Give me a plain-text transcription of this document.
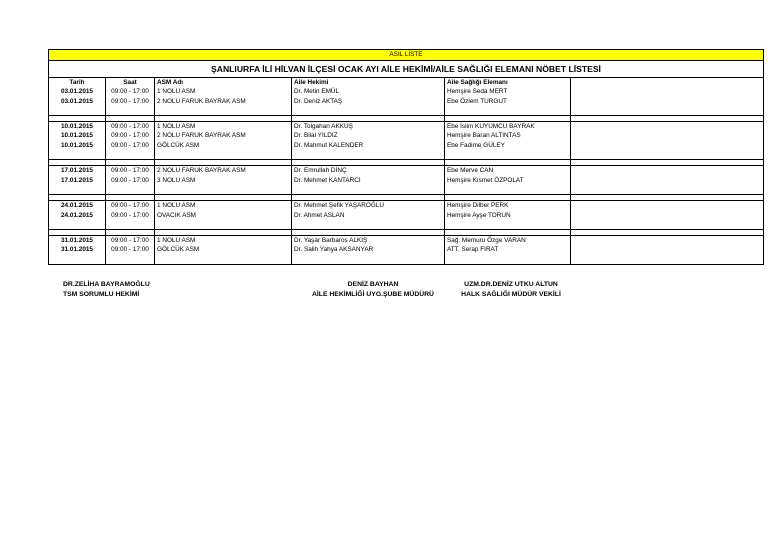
ASIL LİSTE					
ŞANLIURFA İLİ HİLVAN İLÇESİ OCAK AYI AİLE HEKİMİ/AİLE SAĞLIĞI ELEMANI NÖBET LİSTESİ					
Tarih	Saat	ASM Adı	Aile Hekimi	Aile Sağlığı Elemanı	
03.01.2015	09:00 - 17:00	1 NOLU ASM	Dr. Metin EMÜL	Hemşire Seda MERT	
03.01.2015	09:00 - 17:00	2 NOLU FARUK BAYRAK ASM	Dr. Deniz AKTAŞ	Ebe Özlem TURGUT	

10.01.2015	09:00 - 17:00	1 NOLU ASM	Dr. Tolgahan AKKUŞ	Ebe İslim KUYUMCU BAYRAK	
10.01.2015	09:00 - 17:00	2 NOLU FARUK BAYRAK ASM	Dr. Bilal YILDIZ	Hemşire Baran ALTINTAS	
10.01.2015	09:00 - 17:00	GÖLCÜK ASM	Dr. Mahmut KALENDER	Ebe Fadime GÜLEY	

17.01.2015	09:00 - 17:00	2 NOLU FARUK BAYRAK ASM	Dr. Emrullah DİNÇ	Ebe Merve CAN	
17.01.2015	09:00 - 17:00	3 NOLU ASM	Dr. Mehmet KANTARCI	Hemşire Kısmet ÖZPOLAT	

24.01.2015	09:00 - 17:00	1 NOLU ASM	Dr. Mehmet Şefik YAŞAROĞLU	Hemşire Dilber PERK	
24.01.2015	09:00 - 17:00	OVACIK ASM	Dr. Ahmet ASLAN	Hemşire Ayşe TORUN	

31.01.2015	09:00 - 17:00	1 NOLU ASM	Dr. Yaşar Barbaros ALKIŞ	Sağ. Memuru Özge VARAN	
31.01.2015	09:00 - 17:00	GÖLCÜK ASM	Dr. Salih Yahya AKSANYAR	ATT. Serap FIRAT	

DR.ZELİHA BAYRAMOĞLU
TSM SORUMLU HEKİMİ
DENİZ BAYHAN
AİLE HEKİMLİĞİ UYG.ŞUBE MÜDÜRÜ
UZM.DR.DENİZ UTKU ALTUN
HALK SAĞLIĞI MÜDÜR VEKİLİ
